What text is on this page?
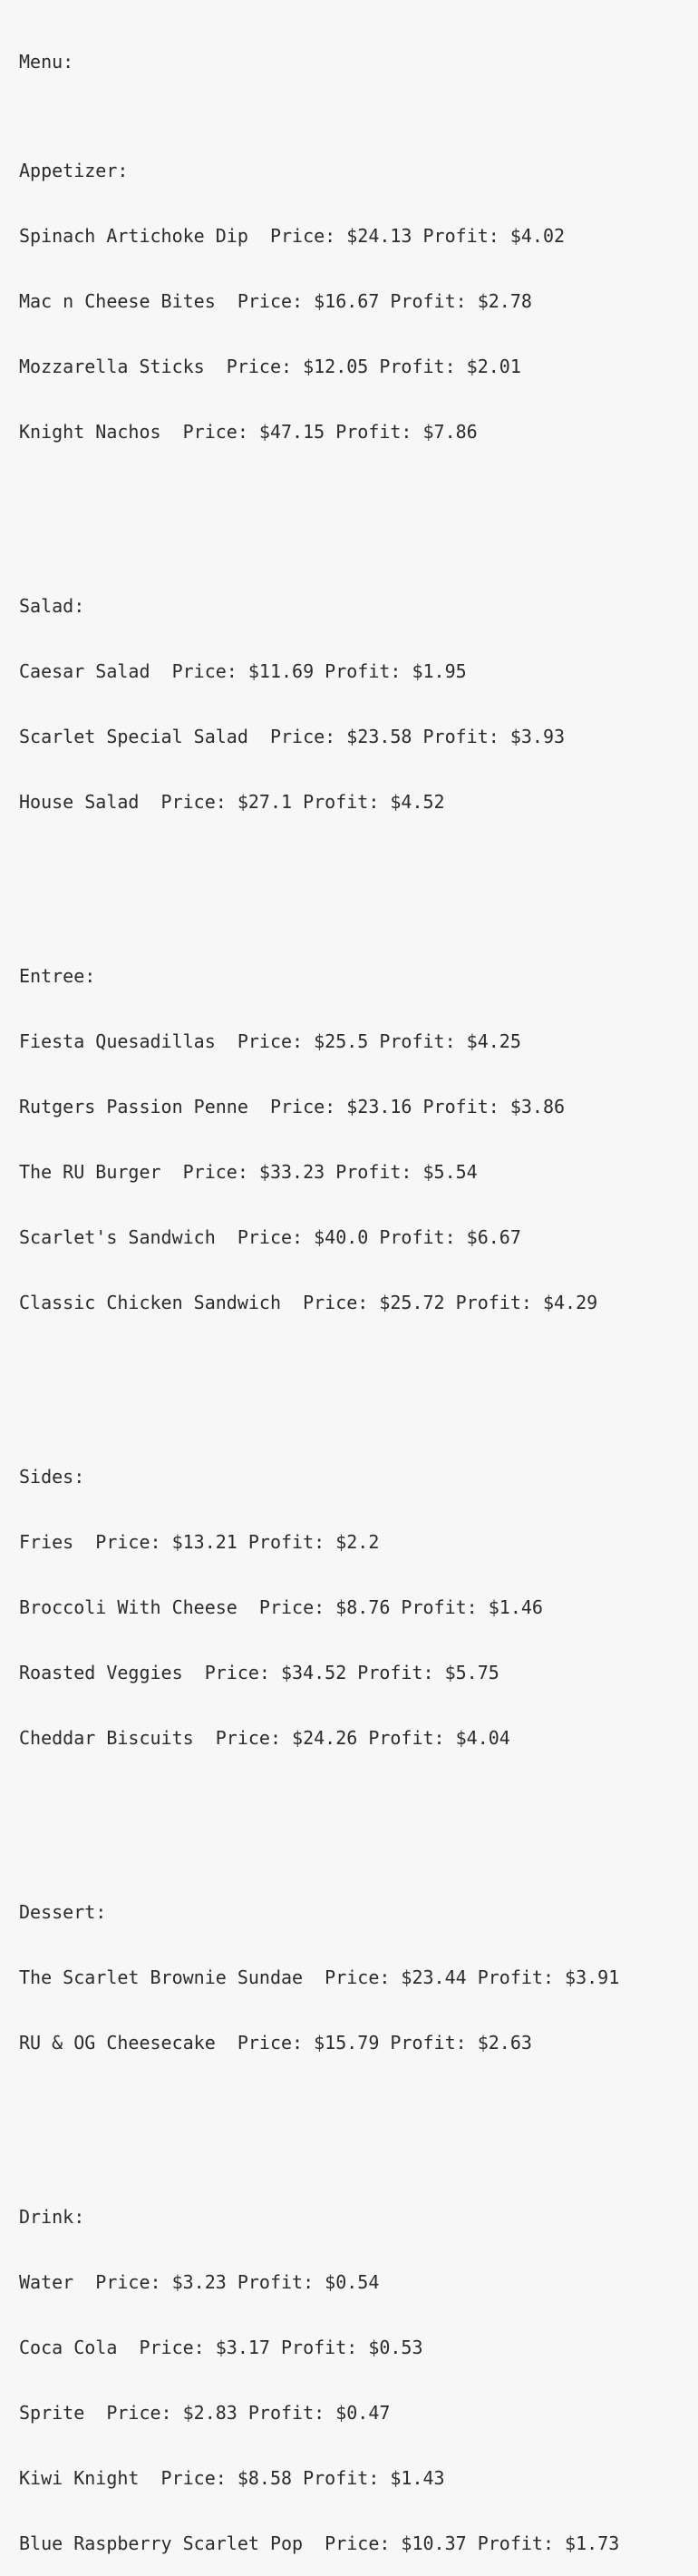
Menu:

Appetizer:

Spinach Artichoke Dip  Price: $24.13 Profit: $4.02

Mac n Cheese Bites  Price: $16.67 Profit: $2.78

Mozzarella Sticks  Price: $12.05 Profit: $2.01

Knight Nachos  Price: $47.15 Profit: $7.86

Salad:

Caesar Salad  Price: $11.69 Profit: $1.95

Scarlet Special Salad  Price: $23.58 Profit: $3.93

House Salad  Price: $27.1 Profit: $4.52

Entree:

Fiesta Quesadillas  Price: $25.5 Profit: $4.25

Rutgers Passion Penne  Price: $23.16 Profit: $3.86

The RU Burger  Price: $33.23 Profit: $5.54

Scarlet's Sandwich  Price: $40.0 Profit: $6.67

Classic Chicken Sandwich  Price: $25.72 Profit: $4.29

Sides:

Fries  Price: $13.21 Profit: $2.2

Broccoli With Cheese  Price: $8.76 Profit: $1.46

Roasted Veggies  Price: $34.52 Profit: $5.75

Cheddar Biscuits  Price: $24.26 Profit: $4.04

Dessert:

The Scarlet Brownie Sundae  Price: $23.44 Profit: $3.91

RU & OG Cheesecake  Price: $15.79 Profit: $2.63

Drink:

Water  Price: $3.23 Profit: $0.54

Coca Cola  Price: $3.17 Profit: $0.53

Sprite  Price: $2.83 Profit: $0.47

Kiwi Knight  Price: $8.58 Profit: $1.43

Blue Raspberry Scarlet Pop  Price: $10.37 Profit: $1.73
